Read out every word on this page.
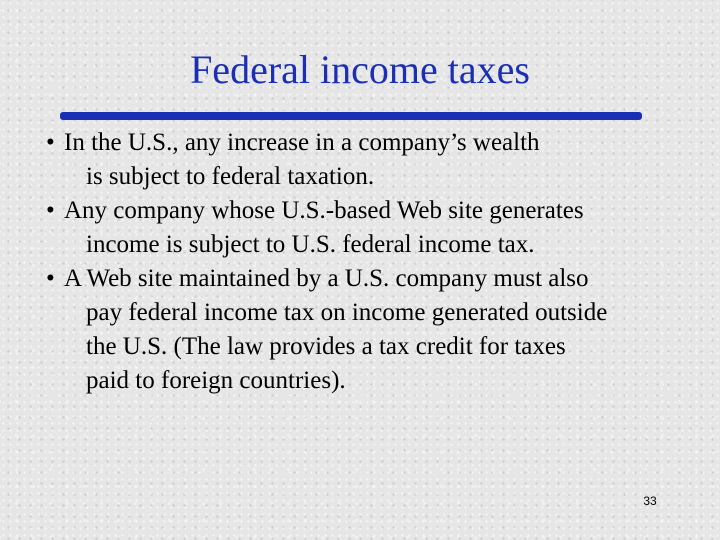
Federal income taxes
• In the U.S., any increase in a company’s wealth
is subject to federal taxation.
• Any company whose U.S.-based Web site generates
income is subject to U.S. federal income tax.
• A Web site maintained by a U.S. company must also
pay federal income tax on income generated outside
the U.S. (The law provides a tax credit for taxes
paid to foreign countries).
33
